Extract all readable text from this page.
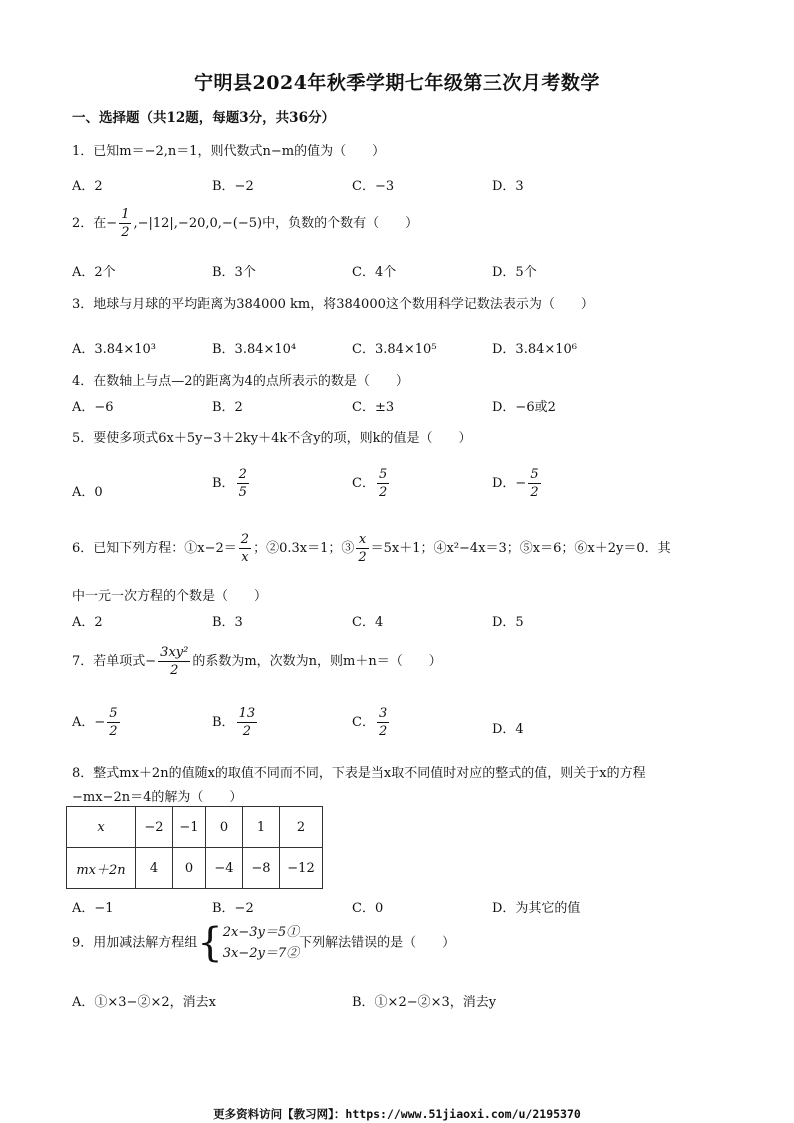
宁明县2024年秋季学期七年级第三次月考数学
一、选择题（共12题，每题3分，共36分）
1．已知m＝−2,n＝1，则代数式n−m的值为（　　）
A．2	B．−2	C．−3	D．3
2．在− $\frac{1}{2} ,-|12|,-20,0,-(-5)$中，负数的个数有（　　）
A．2个	B．3个	C．4个	D．5个
3．地球与月球的平均距离为384000 km，将384000这个数用科学记数法表示为（　　）
A．3.84×10³	B．3.84×10⁴	C．3.84×10⁵	D．3.84×10⁶
4．在数轴上与点—2的距离为4的点所表示的数是（　　）
A．−6	B．2	C．±3	D．−6或2
5．要使多项式6x＋5y−3＋2ky＋4k不含y的项，则k的值是（　　）
A．0
B． $\frac{2}{5}$	C． $\frac{5}{2}$	D．− $\frac{5}{2}$
6．已知下列方程：①x−2＝ $\frac{2}{x}$ ；②0.3x＝1；③ $\frac{x}{2} =5x+1$；④x²−4x＝3；⑤x＝6；⑥x＋2y＝0．其
中一元一次方程的个数是（　　）
A．2	B．3	C．4	D．5
7．若单项式− $\frac{\text{3xy²}}{2}$ 的系数为m，次数为n，则m＋n＝（　　）
A．− $\frac{5}{2}$	B． $\frac{13}{2}$	C． $\frac{3}{2}$	D．4
8．整式mx＋2n的值随x的取值不同而不同，下表是当x取不同值时对应的整式的值，则关于x的方程
−mx−2n＝4的解为（　　）
x	−2	−1	0	1	2
mx＋2n	4	0	−4	−8	−12
A．−1	B．−2	C．0	D．为其它的值
9．用加减法解方程组{ 2x−3y＝5①
3x−2y＝7②
下列解法错误的是（　　）
A．①×3−②×2，消去x	B．①×2−②×3，消去y
更多资料访问【教习网】：https://www.51jiaoxi.com/u/2195370
